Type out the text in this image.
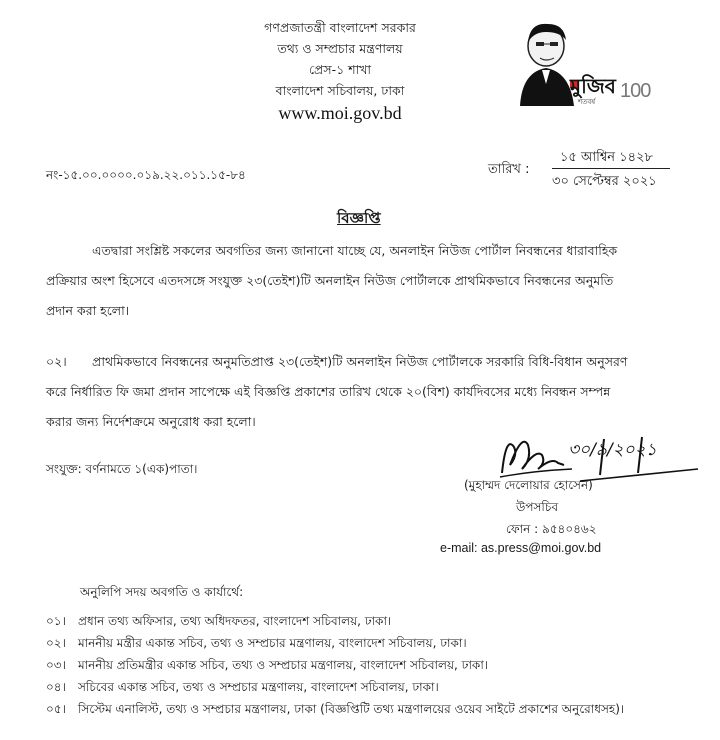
গণপ্রজাতন্ত্রী বাংলাদেশ সরকার
তথ্য ও সম্প্রচার মন্ত্রণালয়
প্রেস-১ শাখা
বাংলাদেশ সচিবালয়, ঢাকা
www.moi.gov.bd
মুজিব
শতবর্ষ 100
তারিখ :
১৫ আশ্বিন ১৪২৮
৩০ সেপ্টেম্বর ২০২১
নং-১৫.০০.০০০০.০১৯.২২.০১১.১৫-৮৪
বিজ্ঞপ্তি
এতদ্বারা সংশ্লিষ্ট সকলের অবগতির জন্য জানানো যাচ্ছে যে, অনলাইন নিউজ পোর্টাল নিবন্ধনের ধারাবাহিক
প্রক্রিয়ার অংশ হিসেবে এতদসঙ্গে সংযুক্ত ২৩(তেইশ)টি অনলাইন নিউজ পোর্টালকে প্রাথমিকভাবে নিবন্ধনের অনুমতি
প্রদান করা হলো।
০২। প্রাথমিকভাবে নিবন্ধনের অনুমতিপ্রাপ্ত ২৩(তেইশ)টি অনলাইন নিউজ পোর্টালকে সরকারি বিধি-বিধান অনুসরণ
করে নির্ধারিত ফি জমা প্রদান সাপেক্ষে এই বিজ্ঞপ্তি প্রকাশের তারিখ থেকে ২০(বিশ) কার্যদিবসের মধ্যে নিবন্ধন সম্পন্ন
করার জন্য নির্দেশক্রমে অনুরোধ করা হলো।
সংযুক্ত: বর্ণনামতে ১(এক)পাতা।
৩০/৯/২০২১
(মুহাম্মদ দেলোয়ার হোসেন)
উপসচিব
ফোন : ৯৫৪০৪৬২
e-mail: as.press@moi.gov.bd
অনুলিপি সদয় অবগতি ও কার্যার্থে:
০১। প্রধান তথ্য অফিসার, তথ্য অধিদফতর, বাংলাদেশ সচিবালয়, ঢাকা।
০২। মাননীয় মন্ত্রীর একান্ত সচিব, তথ্য ও সম্প্রচার মন্ত্রণালয়, বাংলাদেশ সচিবালয়, ঢাকা।
০৩। মাননীয় প্রতিমন্ত্রীর একান্ত সচিব, তথ্য ও সম্প্রচার মন্ত্রণালয়, বাংলাদেশ সচিবালয়, ঢাকা।
০৪। সচিবের একান্ত সচিব, তথ্য ও সম্প্রচার মন্ত্রণালয়, বাংলাদেশ সচিবালয়, ঢাকা।
০৫। সিস্টেম এনালিস্ট, তথ্য ও সম্প্রচার মন্ত্রণালয়, ঢাকা (বিজ্ঞপ্তিটি তথ্য মন্ত্রণালয়ের ওয়েব সাইটে প্রকাশের অনুরোধসহ)।
